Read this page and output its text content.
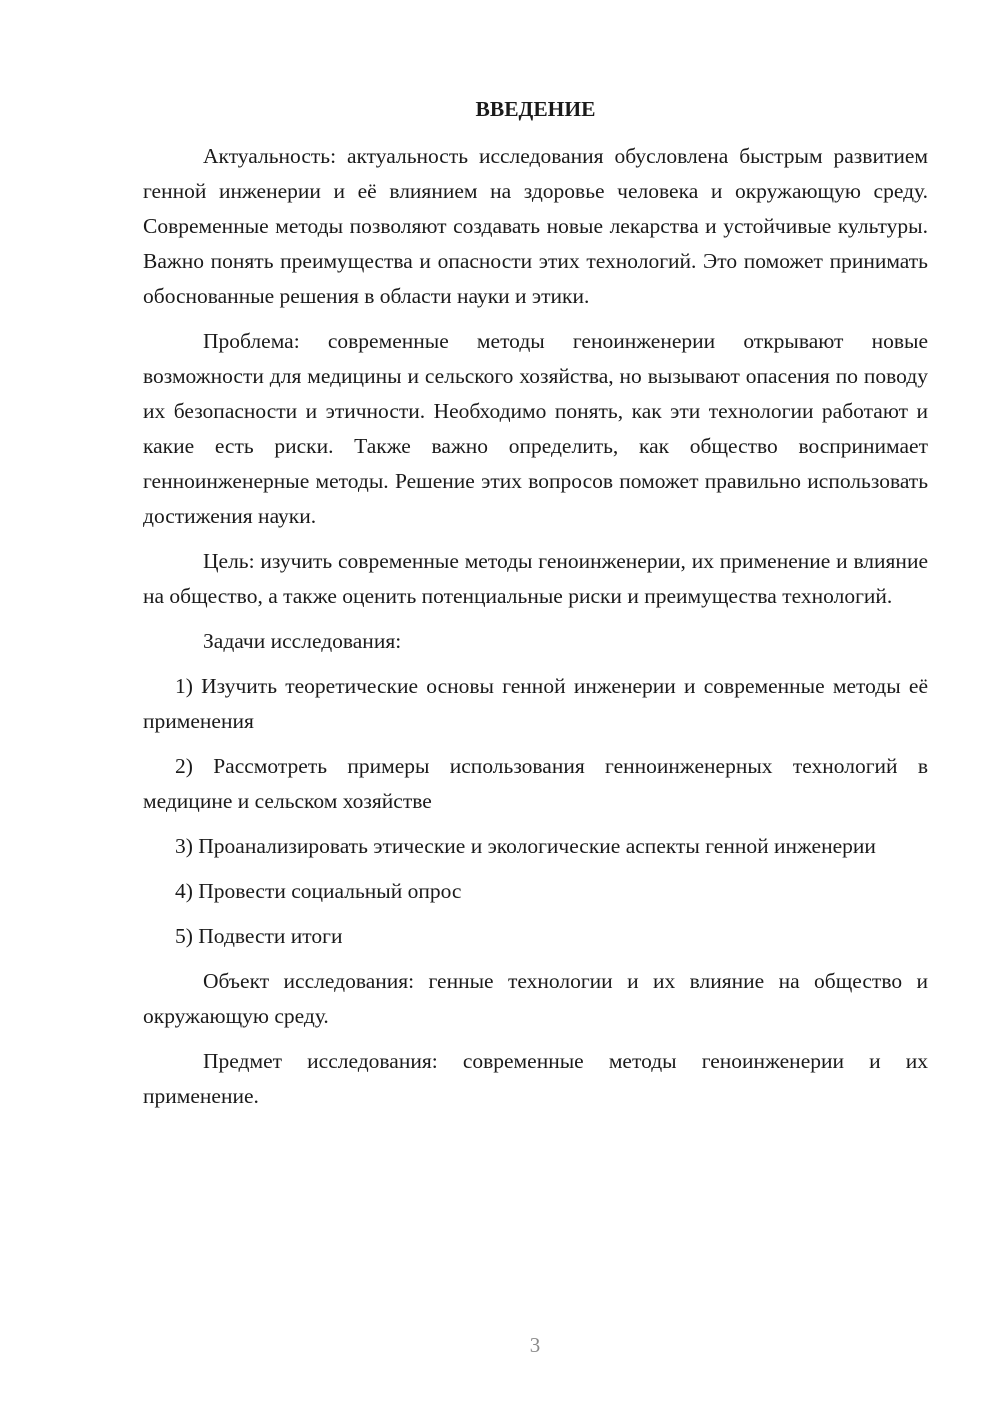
ВВЕДЕНИЕ

Актуальность: актуальность исследования обусловлена быстрым развитием генной инженерии и её влиянием на здоровье человека и окружающую среду. Современные методы позволяют создавать новые лекарства и устойчивые культуры. Важно понять преимущества и опасности этих технологий. Это поможет принимать обоснованные решения в области науки и этики.

Проблема: современные методы геноинженерии открывают новые возможности для медицины и сельского хозяйства, но вызывают опасения по поводу их безопасности и этичности. Необходимо понять, как эти технологии работают и какие есть риски. Также важно определить, как общество воспринимает генноинженерные методы. Решение этих вопросов поможет правильно использовать достижения науки.

Цель: изучить современные методы геноинженерии, их применение и влияние на общество, а также оценить потенциальные риски и преимущества технологий.

Задачи исследования:

1) Изучить теоретические основы генной инженерии и современные методы её применения

2) Рассмотреть примеры использования генноинженерных технологий в медицине и сельском хозяйстве

3) Проанализировать этические и экологические аспекты генной инженерии

4) Провести социальный опрос

5) Подвести итоги

Объект исследования: генные технологии и их влияние на общество и окружающую среду.

Предмет исследования: современные методы геноинженерии и их применение.

3
